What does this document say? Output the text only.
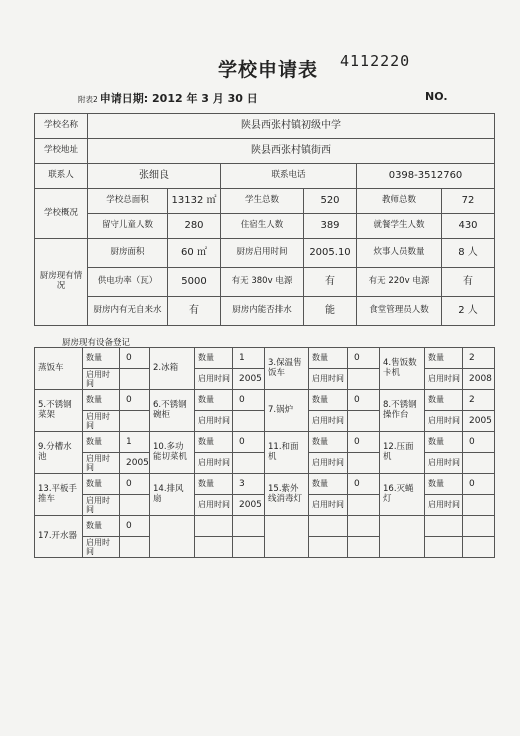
学校申请表 4112220
附表2 申请日期: 2012 年 3 月 30 日	NO.
学校名称	陕县西张村镇初级中学					
学校地址	陕县西张村镇街西					
联系人	张细良		联系电话		0398-3512760	
学校概况	学校总面积	13132 ㎡	学生总数	520	教师总数	72
	留守儿童人数	280	住宿生人数	389	就餐学生人数	430
厨房现有情况	厨房面积	60 ㎡	厨房启用时间	2005.10	炊事人员数量	8 人
	供电功率（瓦）	5000	有无 380v 电源	有	有无 220v 电源	有
	厨房内有无自来水	有	厨房内能否排水	能	食堂管理员人数	2 人
厨房现有设备登记
蒸饭车	数量	0	2.冰箱	数量	1	3.保温售饭车	数量	0	4.售饭数卡机	数量	2
	启用时间			启用时间	2005		启用时间			启用时间	2008
5.不锈钢菜架	数量	0	6.不锈钢碗柜	数量	0	7.锅炉	数量	0	8.不锈钢操作台	数量	2
	启用时间			启用时间			启用时间			启用时间	2005
9.分槽水池	数量	1	10.多功能切菜机	数量	0	11.和面机	数量	0	12.压面机	数量	0
	启用时间	2005		启用时间			启用时间			启用时间	
13.平板手推车	数量	0	14.排风扇	数量	3	15.紫外线消毒灯	数量	0	16.灭蝇灯	数量	0
	启用时间			启用时间	2005		启用时间			启用时间	
17.开水器	数量	0									
	启用时间										
